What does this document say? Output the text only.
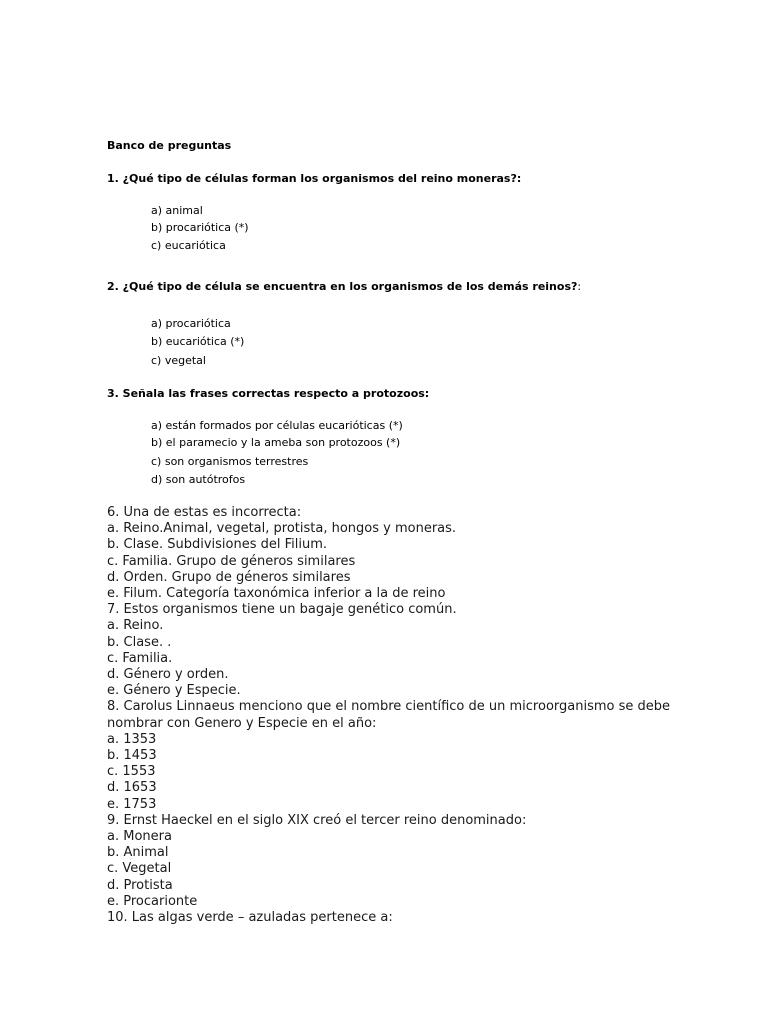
Banco de preguntas
1. ¿Qué tipo de células forman los organismos del reino moneras?:
a) animal
b) procariótica (*)
c) eucariótica
2. ¿Qué tipo de célula se encuentra en los organismos de los demás reinos?:
a) procariótica
b) eucariótica (*)
c) vegetal
3. Señala las frases correctas respecto a protozoos:
a) están formados por células eucarióticas (*)
b) el paramecio y la ameba son protozoos (*)
c) son organismos terrestres
d) son autótrofos
6. Una de estas es incorrecta:
a. Reino.Animal, vegetal, protista, hongos y moneras.
b. Clase. Subdivisiones del Filium.
c. Familia. Grupo de géneros similares
d. Orden. Grupo de géneros similares
e. Filum. Categoría taxonómica inferior a la de reino
7. Estos organismos tiene un bagaje genético común.
a. Reino.
b. Clase. .
c. Familia.
d. Género y orden.
e. Género y Especie.
8. Carolus Linnaeus menciono que el nombre científico de un microorganismo se debe
nombrar con Genero y Especie en el año:
a. 1353
b. 1453
c. 1553
d. 1653
e. 1753
9. Ernst Haeckel en el siglo XIX creó el tercer reino denominado:
a. Monera
b. Animal
c. Vegetal
d. Protista
e. Procarionte
10. Las algas verde – azuladas pertenece a:
